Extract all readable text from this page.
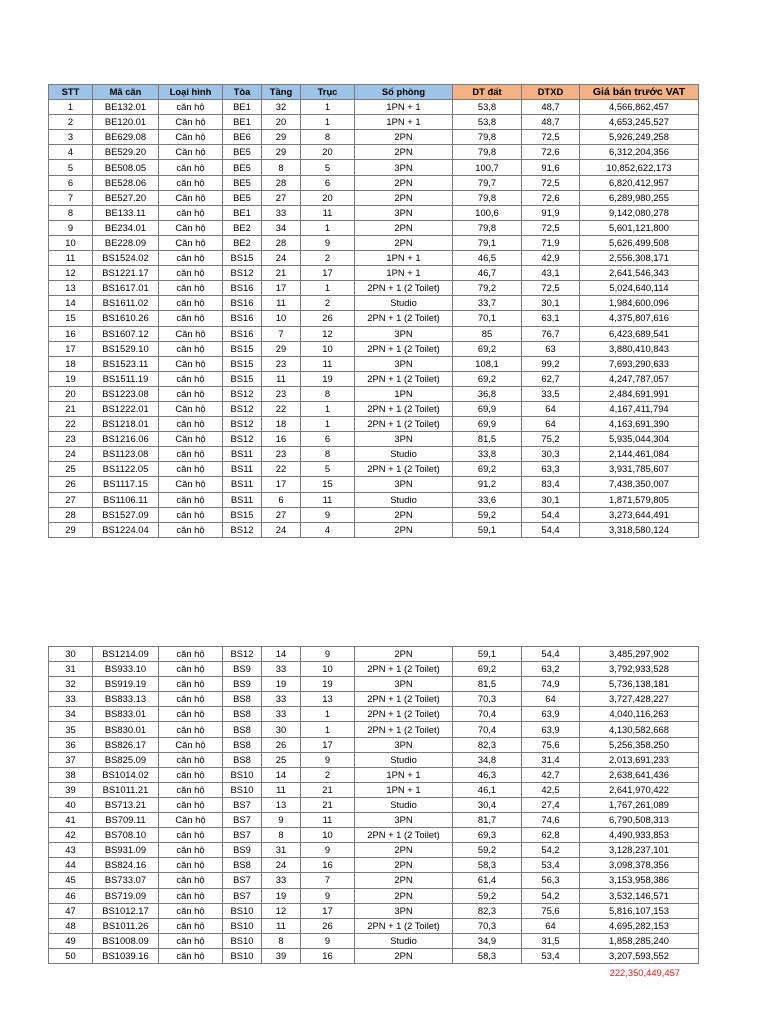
STT	Mã căn	Loại hình	Tòa	Tầng	Trục	Số phòng	DT đất	DTXD	Giá bán trước VAT
1	BE132.01	căn hộ	BE1	32	1	1PN + 1	53,8	48,7	4,566,862,457
2	BE120.01	Căn hộ	BE1	20	1	1PN + 1	53,8	48,7	4,653,245,527
3	BE629.08	Căn hộ	BE6	29	8	2PN	79,8	72,5	5,926,249,258
4	BE529.20	Căn hộ	BE5	29	20	2PN	79,8	72,6	6,312,204,356
5	BE508.05	căn hộ	BE5	8	5	3PN	100,7	91,6	10,852,622,173
6	BE528.06	căn hộ	BE5	28	6	2PN	79,7	72,5	6,820,412,957
7	BE527.20	Căn hộ	BE5	27	20	2PN	79,8	72,6	6,289,980,255
8	BE133.11	căn hộ	BE1	33	11	3PN	100,6	91,9	9,142,080,278
9	BE234.01	Căn hộ	BE2	34	1	2PN	79,8	72,5	5,601,121,800
10	BE228.09	Căn hộ	BE2	28	9	2PN	79,1	71,9	5,626,499,508
11	BS1524.02	căn hộ	BS15	24	2	1PN + 1	46,5	42,9	2,556,308,171
12	BS1221.17	căn hộ	BS12	21	17	1PN + 1	46,7	43,1	2,641,546,343
13	BS1617.01	căn hộ	BS16	17	1	2PN + 1 (2 Toilet)	79,2	72,5	5,024,640,114
14	BS1611.02	căn hộ	BS16	11	2	Studio	33,7	30,1	1,984,600,096
15	BS1610.26	căn hộ	BS16	10	26	2PN + 1 (2 Toilet)	70,1	63,1	4,375,807,616
16	BS1607.12	Căn hộ	BS16	7	12	3PN	85	76,7	6,423,689,541
17	BS1529.10	căn hộ	BS15	29	10	2PN + 1 (2 Toilet)	69,2	63	3,880,410,843
18	BS1523.11	Căn hộ	BS15	23	11	3PN	108,1	99,2	7,693,290,633
19	BS1511.19	căn hộ	BS15	11	19	2PN + 1 (2 Toilet)	69,2	62,7	4,247,787,057
20	BS1223.08	căn hộ	BS12	23	8	1PN	36,8	33,5	2,484,691,991
21	BS1222.01	Căn hộ	BS12	22	1	2PN + 1 (2 Toilet)	69,9	64	4,167,411,794
22	BS1218.01	căn hộ	BS12	18	1	2PN + 1 (2 Toilet)	69,9	64	4,163,691,390
23	BS1216.06	Căn hộ	BS12	16	6	3PN	81,5	75,2	5,935,044,304
24	BS1123.08	căn hộ	BS11	23	8	Studio	33,8	30,3	2,144,461,084
25	BS1122.05	căn hộ	BS11	22	5	2PN + 1 (2 Toilet)	69,2	63,3	3,931,785,607
26	BS1117.15	Căn hộ	BS11	17	15	3PN	91,2	83,4	7,438,350,007
27	BS1106.11	căn hộ	BS11	6	11	Studio	33,6	30,1	1,871,579,805
28	BS1527.09	căn hộ	BS15	27	9	2PN	59,2	54,4	3,273,644,491
29	BS1224.04	căn hộ	BS12	24	4	2PN	59,1	54,4	3,318,580,124
30	BS1214.09	căn hộ	BS12	14	9	2PN	59,1	54,4	3,485,297,902
31	BS933.10	căn hộ	BS9	33	10	2PN + 1 (2 Toilet)	69,2	63,2	3,792,933,528
32	BS919.19	căn hộ	BS9	19	19	3PN	81,5	74,9	5,736,138,181
33	BS833.13	căn hộ	BS8	33	13	2PN + 1 (2 Toilet)	70,3	64	3,727,428,227
34	BS833.01	căn hộ	BS8	33	1	2PN + 1 (2 Toilet)	70,4	63,9	4,040,116,263
35	BS830.01	căn hộ	BS8	30	1	2PN + 1 (2 Toilet)	70,4	63,9	4,130,582,668
36	BS826.17	Căn hộ	BS8	26	17	3PN	82,3	75,6	5,256,358,250
37	BS825.09	căn hộ	BS8	25	9	Studio	34,8	31,4	2,013,691,233
38	BS1014.02	căn hộ	BS10	14	2	1PN + 1	46,3	42,7	2,638,641,436
39	BS1011.21	căn hộ	BS10	11	21	1PN + 1	46,1	42,5	2,641,970,422
40	BS713.21	căn hộ	BS7	13	21	Studio	30,4	27,4	1,767,261,089
41	BS709.11	Căn hộ	BS7	9	11	3PN	81,7	74,6	6,790,508,313
42	BS708.10	căn hộ	BS7	8	10	2PN + 1 (2 Toilet)	69,3	62,8	4,490,933,853
43	BS931.09	căn hộ	BS9	31	9	2PN	59,2	54,2	3,128,237,101
44	BS824.16	căn hộ	BS8	24	16	2PN	58,3	53,4	3,098,378,356
45	BS733.07	căn hộ	BS7	33	7	2PN	61,4	56,3	3,153,958,386
46	BS719.09	căn hộ	BS7	19	9	2PN	59,2	54,2	3,532,146,571
47	BS1012.17	căn hộ	BS10	12	17	3PN	82,3	75,6	5,816,107,153
48	BS1011.26	căn hộ	BS10	11	26	2PN + 1 (2 Toilet)	70,3	64	4,695,282,153
49	BS1008.09	căn hộ	BS10	8	9	Studio	34,9	31,5	1,858,285,240
50	BS1039.16	căn hộ	BS10	39	16	2PN	58,3	53,4	3,207,593,552
222,350,449,457
